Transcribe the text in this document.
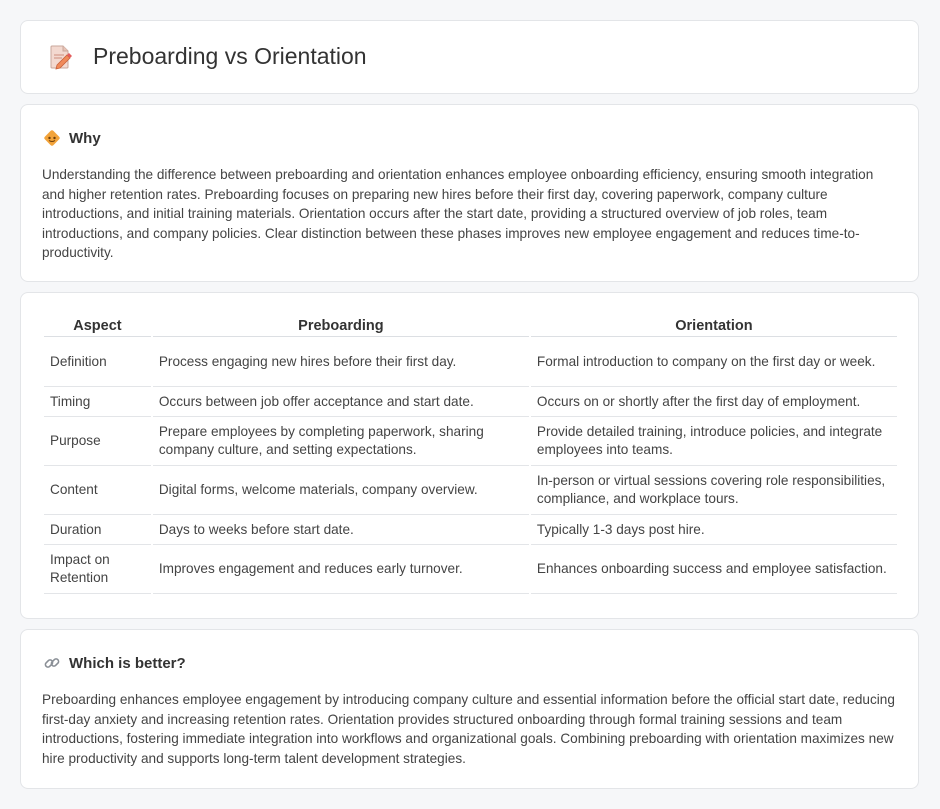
Preboarding vs Orientation
Why

Understanding the difference between preboarding and orientation enhances employee onboarding efficiency, ensuring smooth integration and higher retention rates. Preboarding focuses on preparing new hires before their first day, covering paperwork, company culture introductions, and initial training materials. Orientation occurs after the start date, providing a structured overview of job roles, team introductions, and company policies. Clear distinction between these phases improves new employee engagement and reduces time-to-productivity.

Aspect	Preboarding	Orientation
Definition	Process engaging new hires before their first day.	Formal introduction to company on the first day or week.
Timing	Occurs between job offer acceptance and start date.	Occurs on or shortly after the first day of employment.
Purpose	Prepare employees by completing paperwork, sharing company culture, and setting expectations.	Provide detailed training, introduce policies, and integrate employees into teams.
Content	Digital forms, welcome materials, company overview.	In-person or virtual sessions covering role responsibilities, compliance, and workplace tours.
Duration	Days to weeks before start date.	Typically 1-3 days post hire.
Impact on Retention	Improves engagement and reduces early turnover.	Enhances onboarding success and employee satisfaction.
Which is better?

Preboarding enhances employee engagement by introducing company culture and essential information before the official start date, reducing first-day anxiety and increasing retention rates. Orientation provides structured onboarding through formal training sessions and team introductions, fostering immediate integration into workflows and organizational goals. Combining preboarding with orientation maximizes new hire productivity and supports long-term talent development strategies.
